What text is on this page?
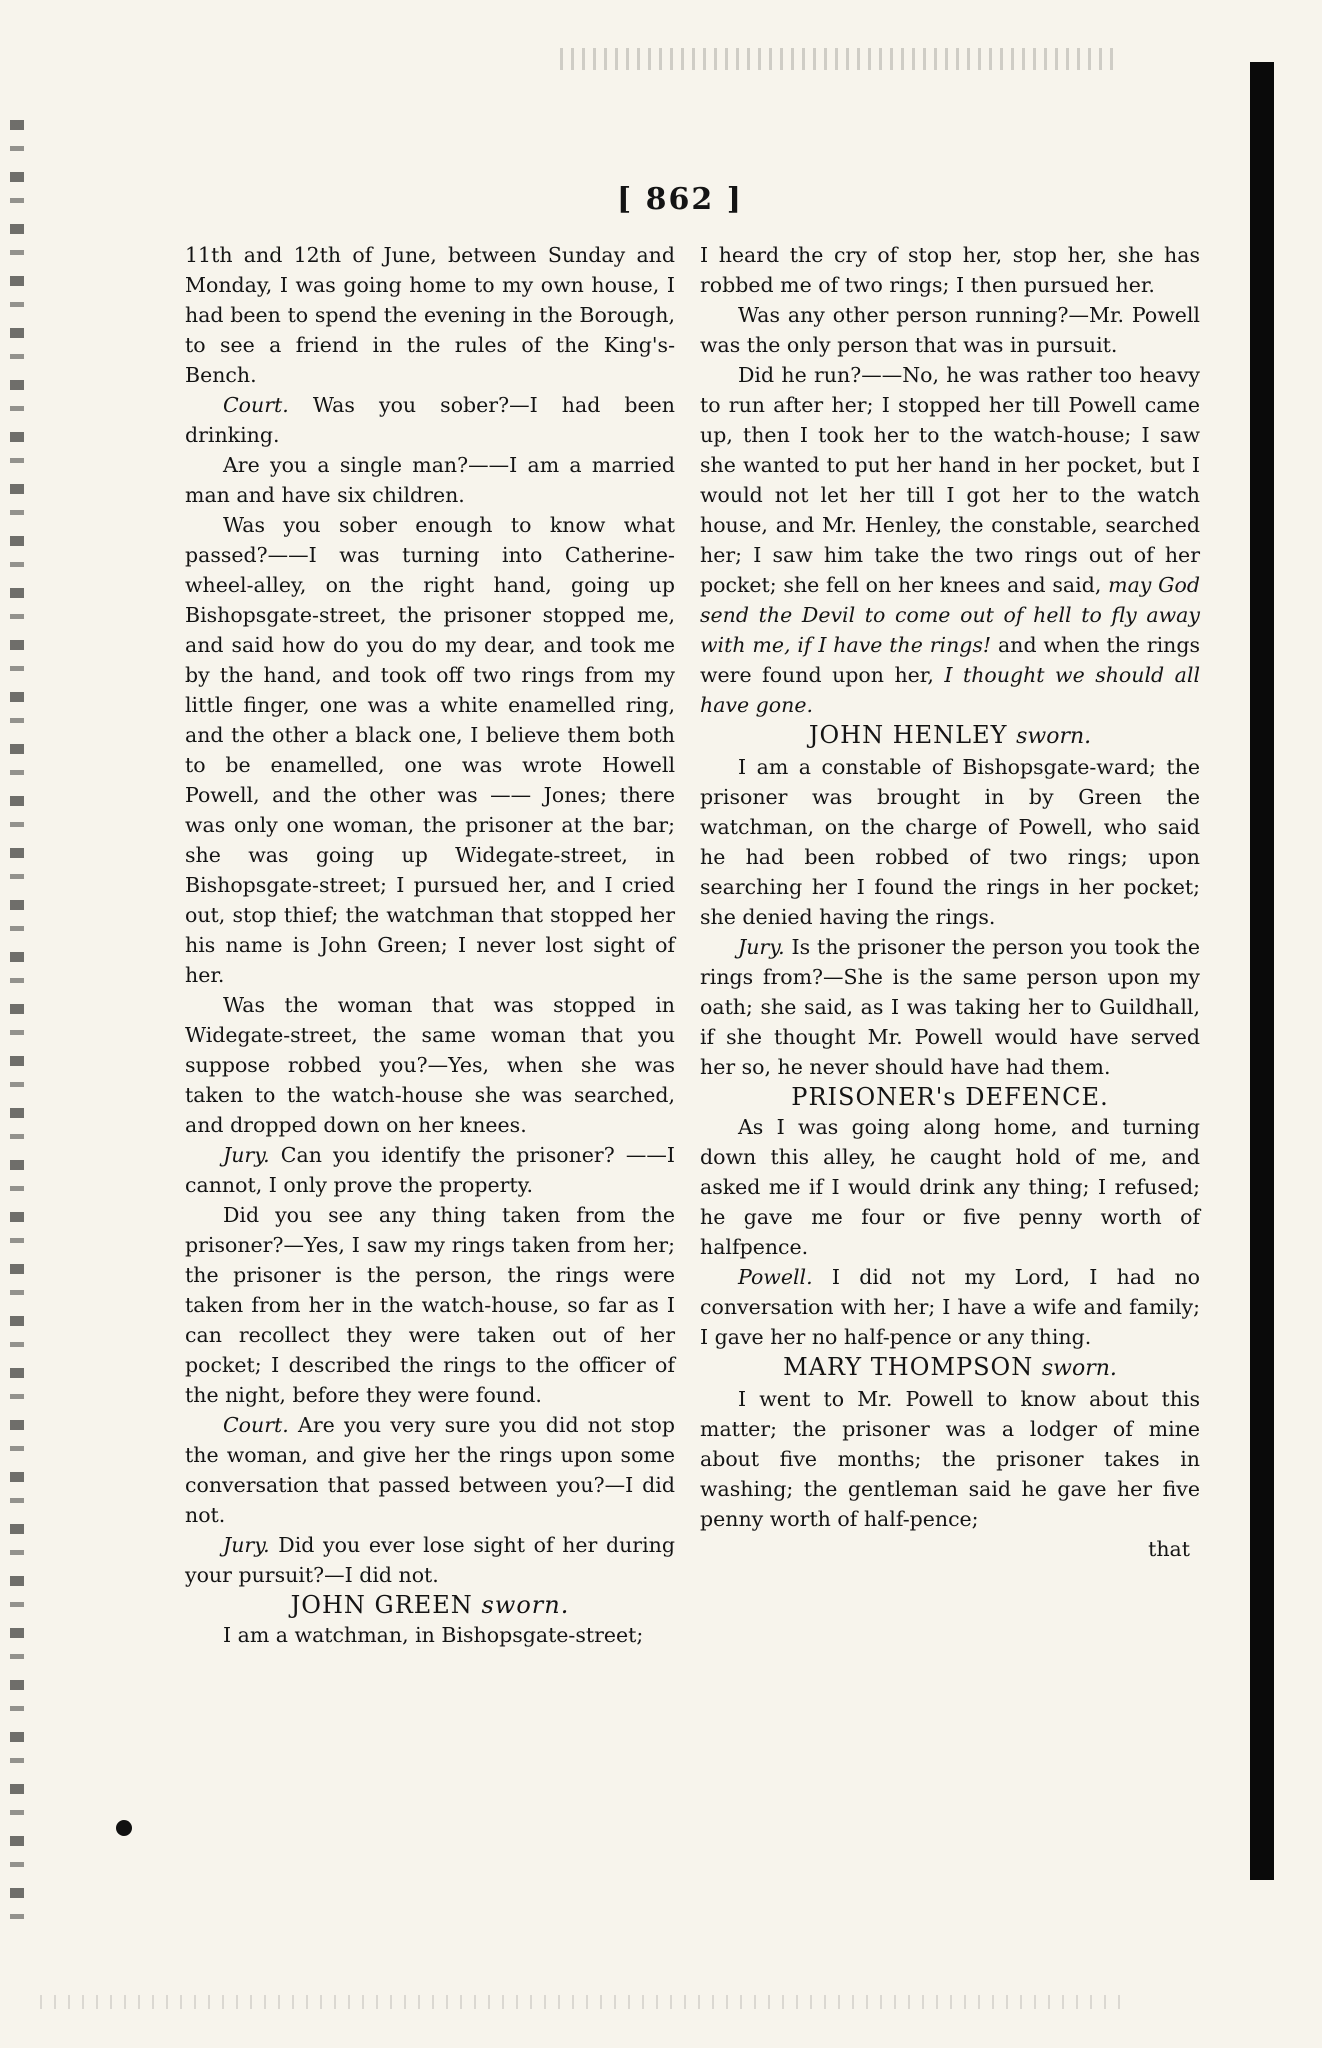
[ 862 ]

11th and 12th of June, between Sunday and Monday, I was going home to my own house, I had been to spend the evening in the Borough, to see a friend in the rules of the King's-Bench.

Court. Was you sober?—I had been drinking.

Are you a single man?——I am a married man and have six children.

Was you sober enough to know what passed?——I was turning into Catherine-wheel-alley, on the right hand, going up Bishopsgate-street, the prisoner stopped me, and said how do you do my dear, and took me by the hand, and took off two rings from my little finger, one was a white enamelled ring, and the other a black one, I believe them both to be enamelled, one was wrote Howell Powell, and the other was —— Jones; there was only one woman, the prisoner at the bar; she was going up Widegate-street, in Bishopsgate-street; I pursued her, and I cried out, stop thief; the watchman that stopped her his name is John Green; I never lost sight of her.

Was the woman that was stopped in Widegate-street, the same woman that you suppose robbed you?—Yes, when she was taken to the watch-house she was searched, and dropped down on her knees.

Jury. Can you identify the prisoner? ——I cannot, I only prove the property.

Did you see any thing taken from the prisoner?—Yes, I saw my rings taken from her; the prisoner is the person, the rings were taken from her in the watch-house, so far as I can recollect they were taken out of her pocket; I described the rings to the officer of the night, before they were found.

Court. Are you very sure you did not stop the woman, and give her the rings upon some conversation that passed between you?—I did not.

Jury. Did you ever lose sight of her during your pursuit?—I did not.

JOHN GREEN sworn.

I am a watchman, in Bishopsgate-street;

I heard the cry of stop her, stop her, she has robbed me of two rings; I then pursued her.

Was any other person running?—Mr. Powell was the only person that was in pursuit.

Did he run?——No, he was rather too heavy to run after her; I stopped her till Powell came up, then I took her to the watch-house; I saw she wanted to put her hand in her pocket, but I would not let her till I got her to the watch house, and Mr. Henley, the constable, searched her; I saw him take the two rings out of her pocket; she fell on her knees and said, may God send the Devil to come out of hell to fly away with me, if I have the rings! and when the rings were found upon her, I thought we should all have gone.

JOHN HENLEY sworn.

I am a constable of Bishopsgate-ward; the prisoner was brought in by Green the watchman, on the charge of Powell, who said he had been robbed of two rings; upon searching her I found the rings in her pocket; she denied having the rings.

Jury. Is the prisoner the person you took the rings from?—She is the same person upon my oath; she said, as I was taking her to Guildhall, if she thought Mr. Powell would have served her so, he never should have had them.

PRISONER's DEFENCE.

As I was going along home, and turning down this alley, he caught hold of me, and asked me if I would drink any thing; I refused; he gave me four or five penny worth of halfpence.

Powell. I did not my Lord, I had no conversation with her; I have a wife and family; I gave her no half-pence or any thing.

MARY THOMPSON sworn.

I went to Mr. Powell to know about this matter; the prisoner was a lodger of mine about five months; the prisoner takes in washing; the gentleman said he gave her five penny worth of half-pence;

that
